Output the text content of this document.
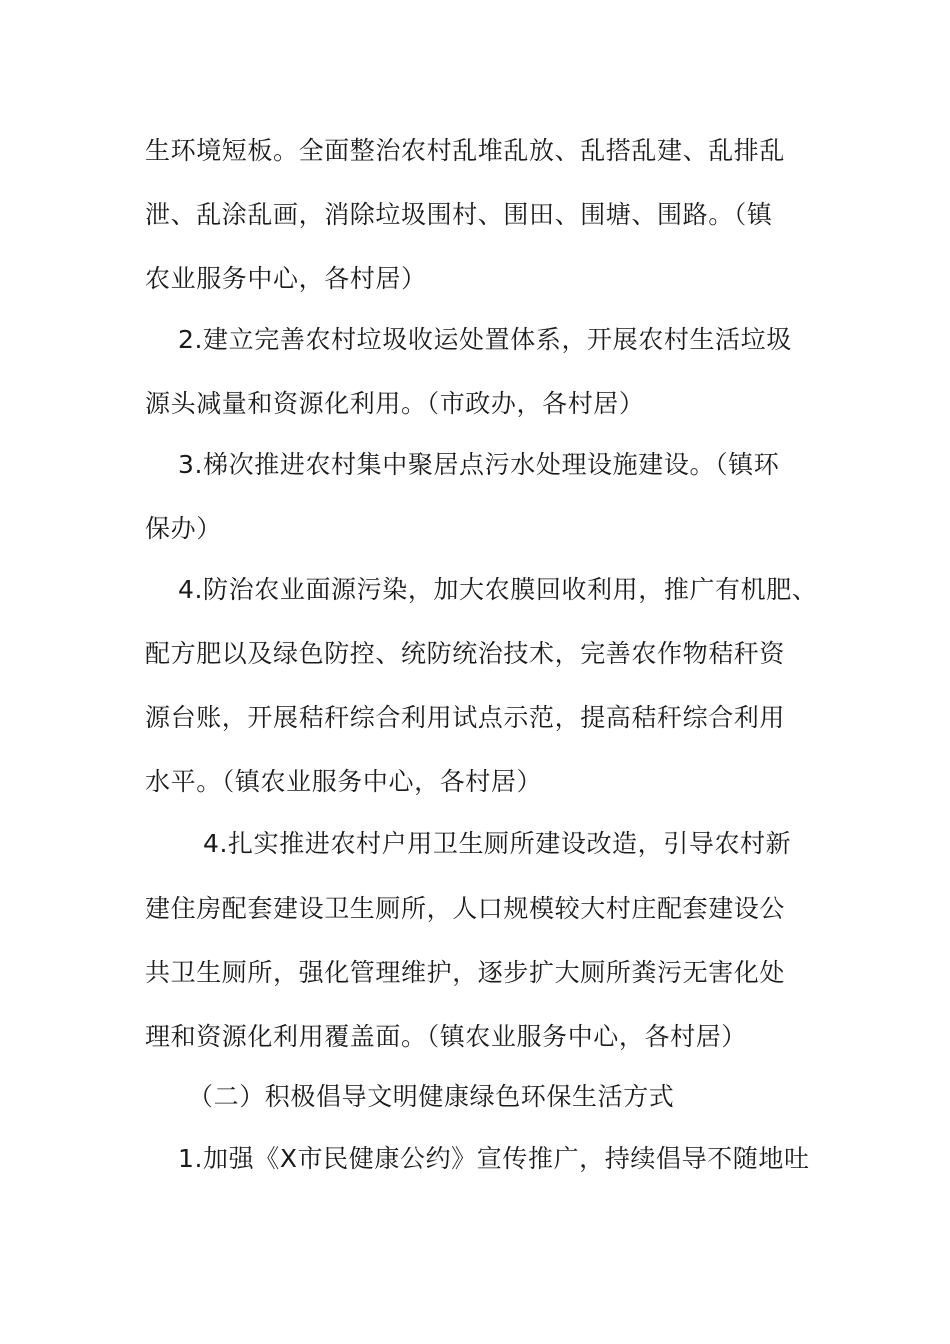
生环境短板。全面整治农村乱堆乱放、乱搭乱建、乱排乱
泄、乱涂乱画，消除垃圾围村、围田、围塘、围路。（镇
农业服务中心，各村居）
2.建立完善农村垃圾收运处置体系，开展农村生活垃圾
源头减量和资源化利用。（市政办，各村居）
3.梯次推进农村集中聚居点污水处理设施建设。（镇环
保办）
4.防治农业面源污染，加大农膜回收利用，推广有机肥、
配方肥以及绿色防控、统防统治技术，完善农作物秸秆资
源台账，开展秸秆综合利用试点示范，提高秸秆综合利用
水平。（镇农业服务中心，各村居）
4.扎实推进农村户用卫生厕所建设改造，引导农村新
建住房配套建设卫生厕所，人口规模较大村庄配套建设公
共卫生厕所，强化管理维护，逐步扩大厕所粪污无害化处
理和资源化利用覆盖面。（镇农业服务中心，各村居）
（二）积极倡导文明健康绿色环保生活方式
1.加强《X市民健康公约》宣传推广，持续倡导不随地吐
